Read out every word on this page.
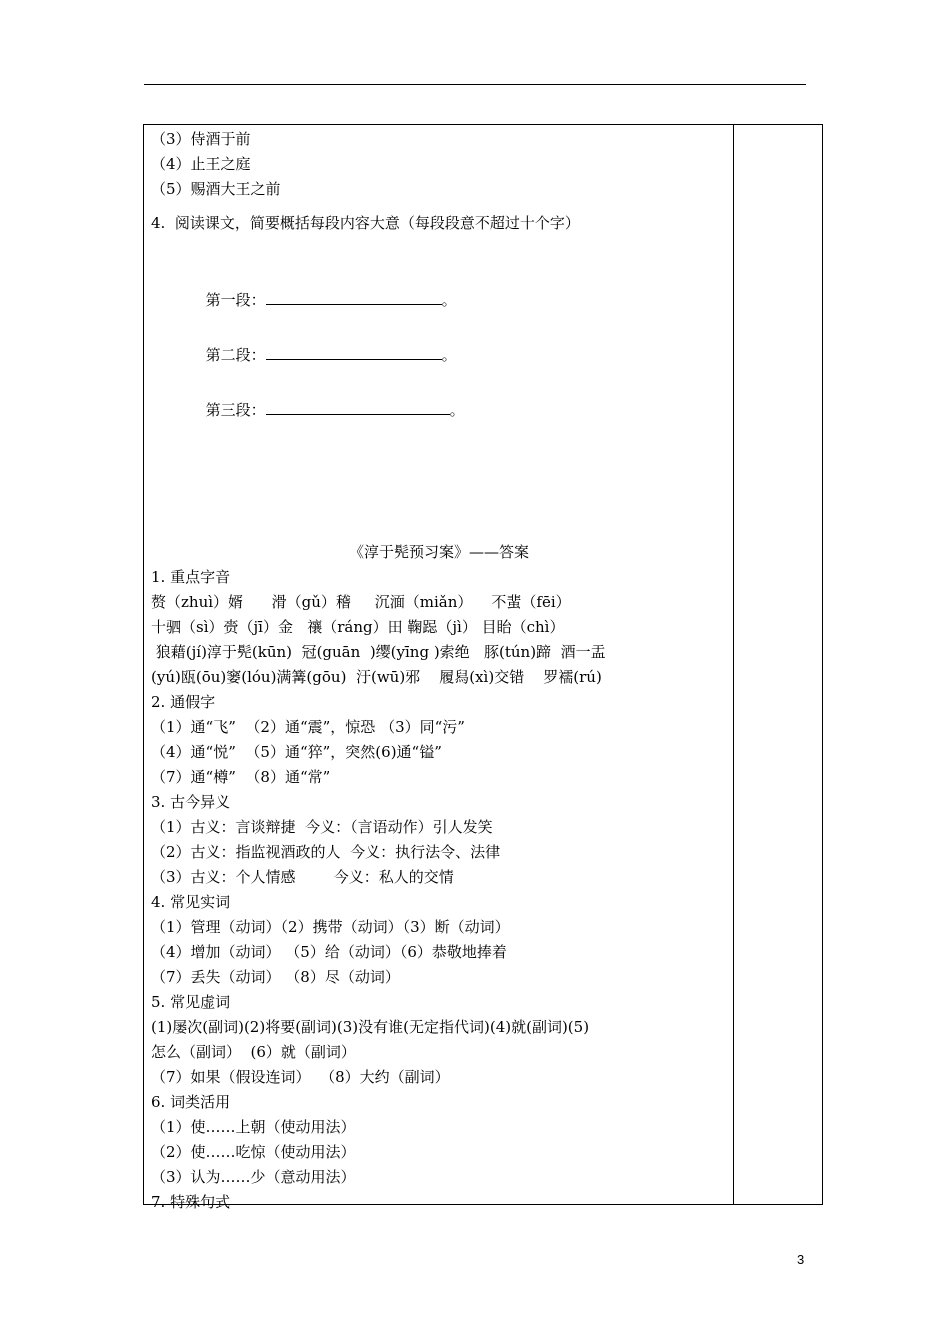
（3）侍酒于前
（4）止王之庭
（5）赐酒大王之前
4.  阅读课文，简要概括每段内容大意（每段段意不超过十个字）

第一段：	。

第二段：	。

第三段：	。

《淳于髡预习案》——答案
1. 重点字音
赘（zhuì）婿      滑（gǔ）稽     沉湎（miǎn）    不蜚（fēi）
十驷（sì）赍（jī）金   禳（ráng）田 鞠跽（jì） 目眙（chì）
狼藉(jí)淳于髡(kūn)  冠(guān  )缨(yīng )索绝   豚(tún)蹄  酒一盂
(yú)瓯(ōu)窭(lóu)满篝(gōu)  汙(wū)邪    履舄(xì)交错    罗襦(rú)
2. 通假字
（1）通“飞”  （2）通“震”，惊恐 （3）同“污”
（4）通“悦”  （5）通“猝”，突然(6)通“镒”
（7）通“樽”  （8）通“常”
3. 古今异义
（1）古义：言谈辩捷  今义：（言语动作）引人发笑
（2）古义：指监视酒政的人  今义：执行法令、法律
（3）古义：个人情感        今义：私人的交情
4. 常见实词
（1）管理（动词）（2）携带（动词）（3）断（动词）
（4）增加（动词） （5）给（动词）（6）恭敬地捧着
（7）丢失（动词） （8）尽（动词）
5. 常见虚词
(1)屡次(副词)(2)将要(副词)(3)没有谁(无定指代词)(4)就(副词)(5)
怎么（副词）  (6）就（副词）
（7）如果（假设连词）  （8）大约（副词）
6. 词类活用
（1）使……上朝（使动用法）
（2）使……吃惊（使动用法）
（3）认为……少（意动用法）
7. 特殊句式
3
